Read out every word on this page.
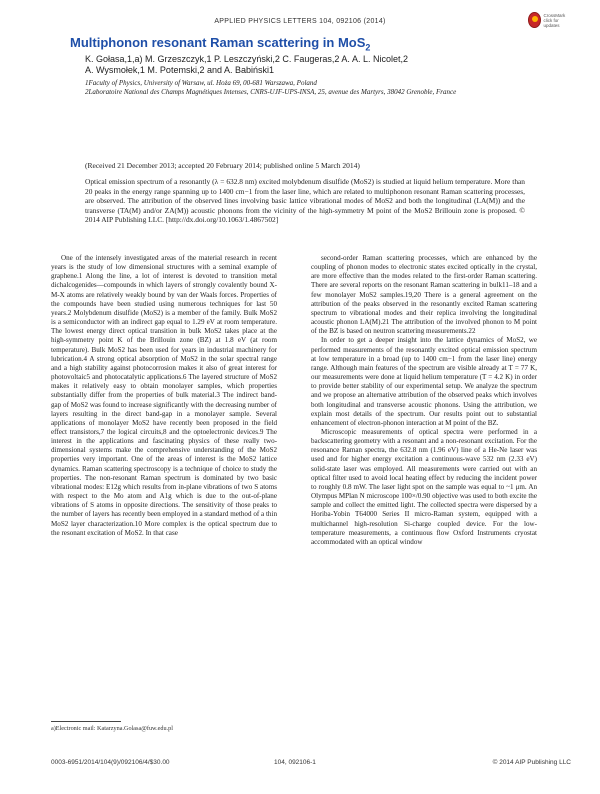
APPLIED PHYSICS LETTERS 104, 092106 (2014)
CrossMark
click for updates
Multiphonon resonant Raman scattering in MoS$_2$
K. Gołasa,1,a) M. Grzeszczyk,1 P. Leszczyński,2 C. Faugeras,2 A. A. L. Nicolet,2
A. Wysmołek,1 M. Potemski,2 and A. Babiński1
1Faculty of Physics, University of Warsaw, ul. Hoża 69, 00-681 Warszawa, Poland
2Laboratoire National des Champs Magnétiques Intenses, CNRS-UJF-UPS-INSA, 25, avenue des Martyrs, 38042 Grenoble, France
(Received 21 December 2013; accepted 20 February 2014; published online 5 March 2014)
Optical emission spectrum of a resonantly (λ = 632.8 nm) excited molybdenum disulfide (MoS2) is studied at liquid helium temperature. More than 20 peaks in the energy range spanning up to 1400 cm−1 from the laser line, which are related to multiphonon resonant Raman scattering processes, are observed. The attribution of the observed lines involving basic lattice vibrational modes of MoS2 and both the longitudinal (LA(M)) and the transverse (TA(M) and/or ZA(M)) acoustic phonons from the vicinity of the high-symmetry M point of the MoS2 Brillouin zone is proposed. © 2014 AIP Publishing LLC. [http://dx.doi.org/10.1063/1.4867502]

One of the intensely investigated areas of the material research in recent years is the study of low dimensional structures with a seminal example of graphene.1 Along the line, a lot of interest is devoted to transition metal dichalcogenides—compounds in which layers of strongly covalently bound X-M-X atoms are relatively weakly bound by van der Waals forces. Properties of the compounds have been studied using numerous techniques for last 50 years.2 Molybdenum disulfide (MoS2) is a member of the family. Bulk MoS2 is a semiconductor with an indirect gap equal to 1.29 eV at room temperature. The lowest energy direct optical transition in bulk MoS2 takes place at the high-symmetry point K of the Brillouin zone (BZ) at 1.8 eV (at room temperature). Bulk MoS2 has been used for years in industrial machinery for lubrication.4 A strong optical absorption of MoS2 in the solar spectral range and a high stability against photocorrosion makes it also of great interest for photovoltaic5 and photocatalytic applications.6 The layered structure of MoS2 makes it relatively easy to obtain monolayer samples, which properties substantially differ from the properties of bulk material.3 The indirect band-gap of MoS2 was found to increase significantly with the decreasing number of layers resulting in the direct band-gap in a monolayer sample. Several applications of monolayer MoS2 have recently been proposed in the field effect transistors,7 the logical circuits,8 and the optoelectronic devices.9 The interest in the applications and fascinating physics of these really two-dimensional systems make the comprehensive understanding of the MoS2 properties very important. One of the areas of interest is the MoS2 lattice dynamics. Raman scattering spectroscopy is a technique of choice to study the properties. The non-resonant Raman spectrum is dominated by two basic vibrational modes: E12g which results from in-plane vibrations of two S atoms with respect to the Mo atom and A1g which is due to the out-of-plane vibrations of S atoms in opposite directions. The sensitivity of those peaks to the number of layers has recently been employed in a standard method of a thin MoS2 layer characterization.10 More complex is the optical spectrum due to the resonant excitation of MoS2. In that case

second-order Raman scattering processes, which are enhanced by the coupling of phonon modes to electronic states excited optically in the crystal, are more effective than the modes related to the first-order Raman scattering. There are several reports on the resonant Raman scattering in bulk11–18 and a few monolayer MoS2 samples.19,20 There is a general agreement on the attribution of the peaks observed in the resonantly excited Raman scattering spectrum to vibrational modes and their replica involving the longitudinal acoustic phonon LA(M).21 The attribution of the involved phonon to M point of the BZ is based on neutron scattering measurements.22

In order to get a deeper insight into the lattice dynamics of MoS2, we performed measurements of the resonantly excited optical emission spectrum at low temperature in a broad (up to 1400 cm−1 from the laser line) energy range. Although main features of the spectrum are visible already at T = 77 K, our measurements were done at liquid helium temperature (T = 4.2 K) in order to provide better stability of our experimental setup. We analyze the spectrum and we propose an alternative attribution of the observed peaks which involves both longitudinal and transverse acoustic phonons. Using the attribution, we explain most details of the spectrum. Our results point out to substantial enhancement of electron-phonon interaction at M point of the BZ.

Microscopic measurements of optical spectra were performed in a backscattering geometry with a resonant and a non-resonant excitation. For the resonance Raman spectra, the 632.8 nm (1.96 eV) line of a He-Ne laser was used and for higher energy excitation a continuous-wave 532 nm (2.33 eV) solid-state laser was employed. All measurements were carried out with an optical filter used to avoid local heating effect by reducing the incident power to roughly 0.8 mW. The laser light spot on the sample was equal to ~1 μm. An Olympus MPlan N microscope 100×/0.90 objective was used to both excite the sample and collect the emitted light. The collected spectra were dispersed by a Horiba-Yobin T64000 Series II micro-Raman system, equipped with a multichannel high-resolution Si-charge coupled device. For the low-temperature measurements, a continuous flow Oxford Instruments cryostat accommodated with an optical window

a)Electronic mail: Katarzyna.Golasa@fuw.edu.pl
0003-6951/2014/104(9)/092106/4/$30.00	104, 092106-1	© 2014 AIP Publishing LLC
